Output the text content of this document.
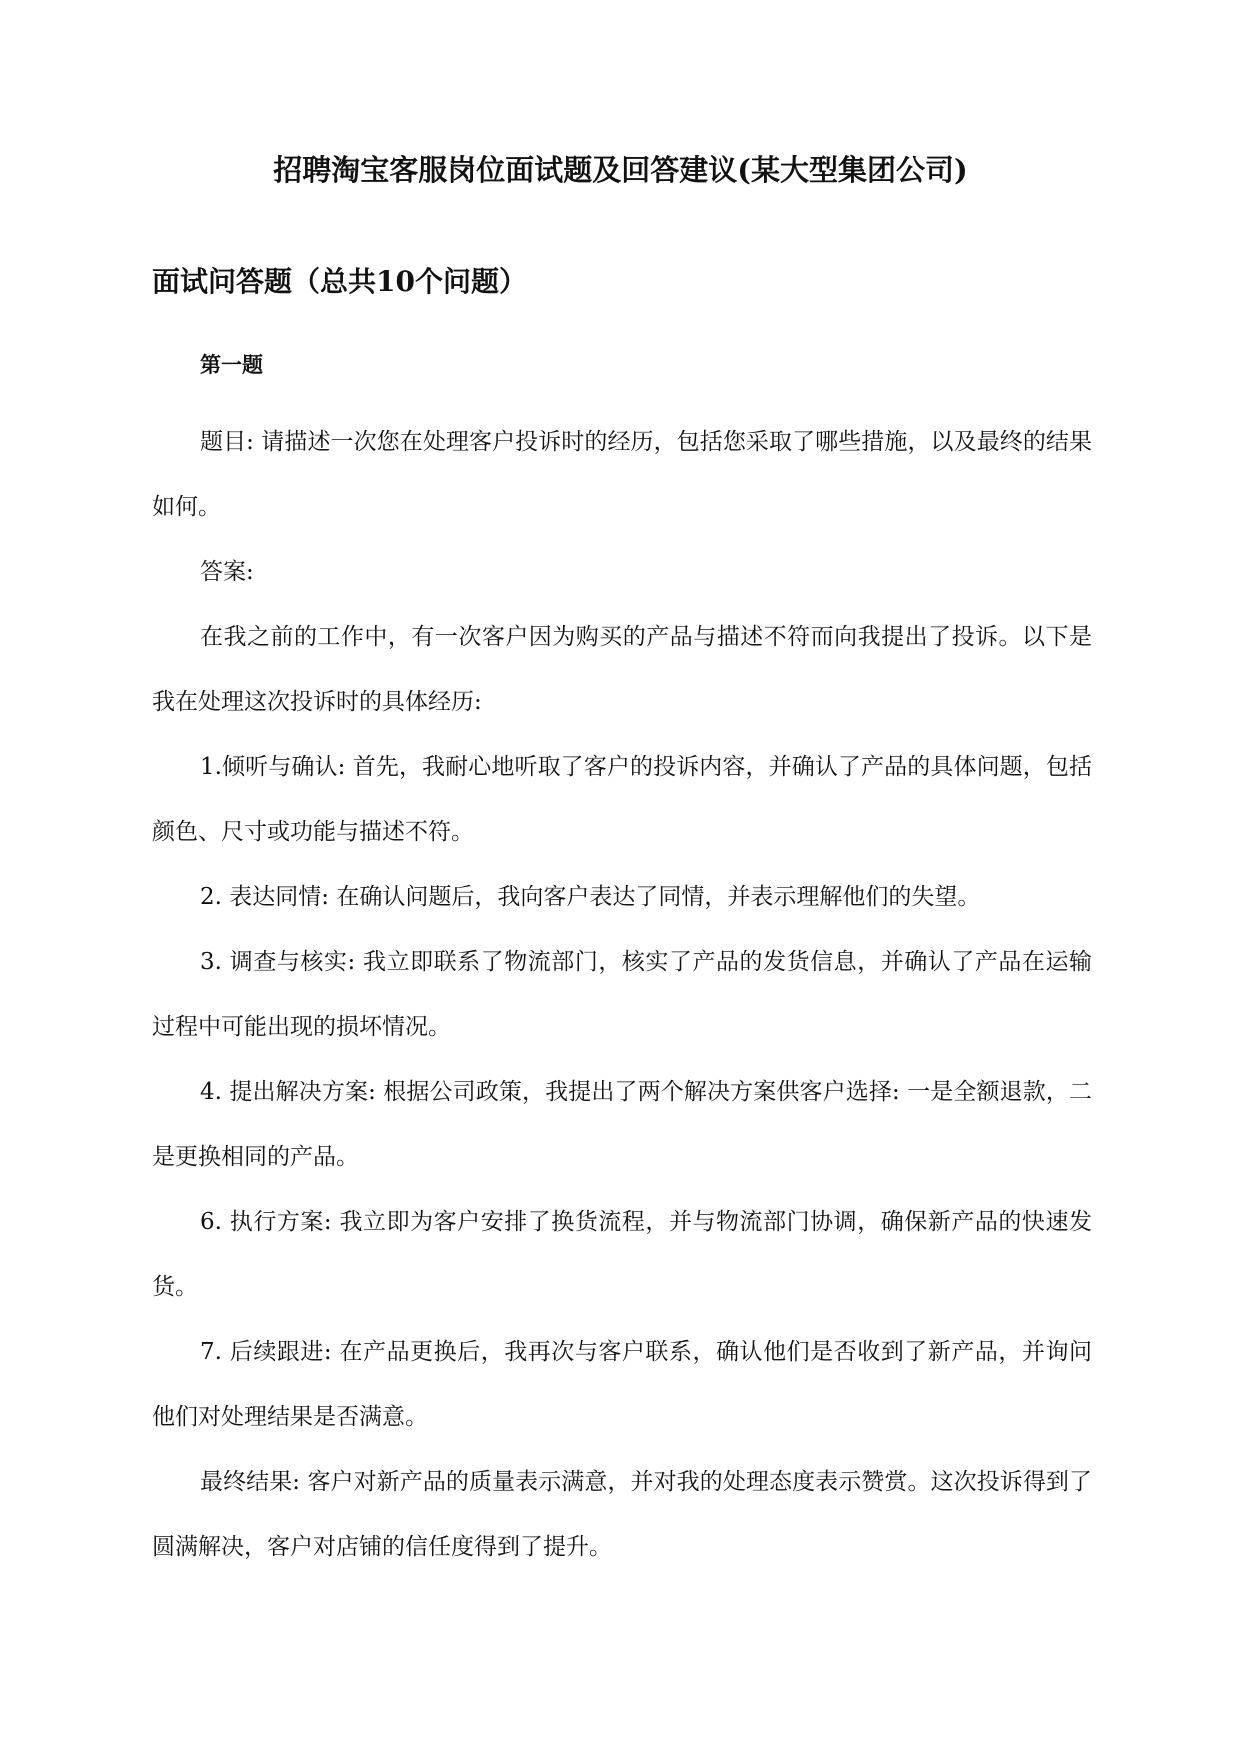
招聘淘宝客服岗位面试题及回答建议(某大型集团公司)
面试问答题（总共10个问题）
第一题

题目: 请描述一次您在处理客户投诉时的经历，包括您采取了哪些措施，以及最终的结果如何。

答案:

在我之前的工作中，有一次客户因为购买的产品与描述不符而向我提出了投诉。以下是我在处理这次投诉时的具体经历:

1.倾听与确认: 首先，我耐心地听取了客户的投诉内容，并确认了产品的具体问题，包括颜色、尺寸或功能与描述不符。

2. 表达同情: 在确认问题后，我向客户表达了同情，并表示理解他们的失望。

3. 调查与核实: 我立即联系了物流部门，核实了产品的发货信息，并确认了产品在运输过程中可能出现的损坏情况。

4. 提出解决方案: 根据公司政策，我提出了两个解决方案供客户选择: 一是全额退款，二是更换相同的产品。

6. 执行方案: 我立即为客户安排了换货流程，并与物流部门协调，确保新产品的快速发货。

7. 后续跟进: 在产品更换后，我再次与客户联系，确认他们是否收到了新产品，并询问他们对处理结果是否满意。

最终结果: 客户对新产品的质量表示满意，并对我的处理态度表示赞赏。这次投诉得到了圆满解决，客户对店铺的信任度得到了提升。
